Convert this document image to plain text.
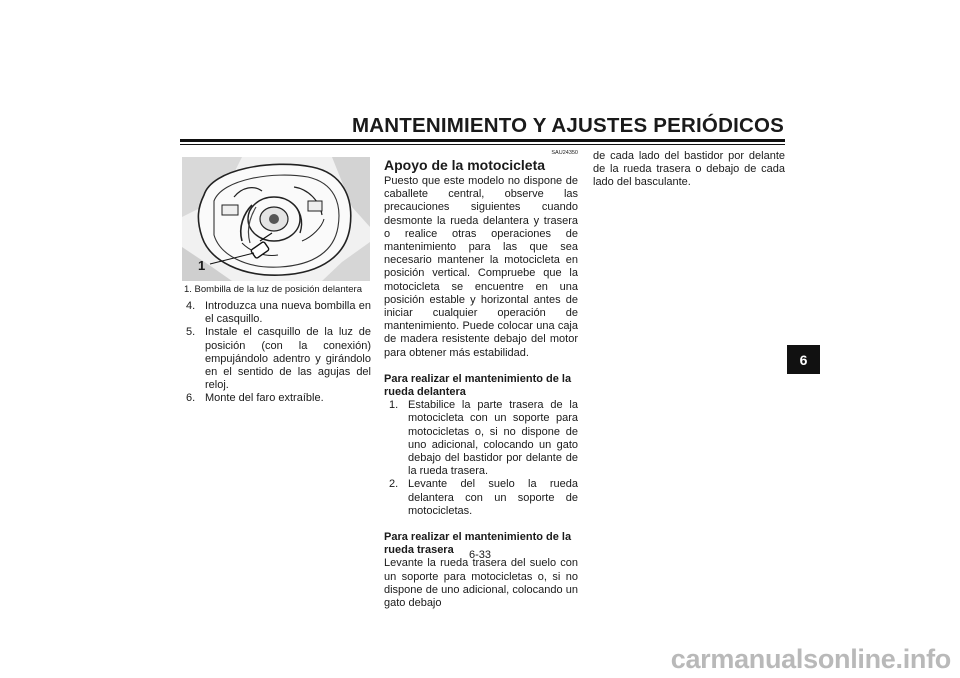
MANTENIMIENTO Y AJUSTES PERIÓDICOS
6
1
1. Bombilla de la luz de posición delantera
4. Introduzca una nueva bombilla en el casquillo.
5. Instale el casquillo de la luz de posición (con la conexión) empujándolo adentro y girándolo en el sentido de las agujas del reloj.
6. Monte del faro extraíble.
SAU24350
Apoyo de la motocicleta

Puesto que este modelo no dispone de caballete central, observe las precauciones siguientes cuando desmonte la rueda delantera y trasera o realice otras operaciones de mantenimiento para las que sea necesario mantener la motocicleta en posición vertical. Compruebe que la motocicleta se encuentre en una posición estable y horizontal antes de iniciar cualquier operación de mantenimiento. Puede colocar una caja de madera resistente debajo del motor para obtener más estabilidad.

Para realizar el mantenimiento de la rueda delantera

1. Estabilice la parte trasera de la motocicleta con un soporte para motocicletas o, si no dispone de uno adicional, colocando un gato debajo del bastidor por delante de la rueda trasera.
2. Levante del suelo la rueda delantera con un soporte de motocicletas.

Para realizar el mantenimiento de la rueda trasera

Levante la rueda trasera del suelo con un soporte para motocicletas o, si no dispone de uno adicional, colocando un gato debajo

de cada lado del bastidor por delante de la rueda trasera o debajo de cada lado del basculante.

6-33
carmanualsonline.info
